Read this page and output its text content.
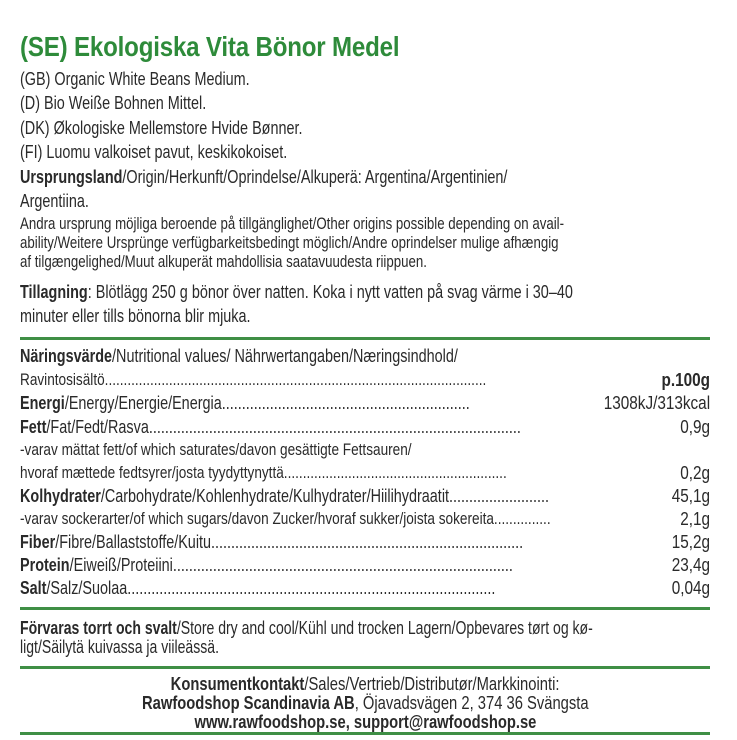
(SE) Ekologiska Vita Bönor Medel
(GB) Organic White Beans Medium.
(D) Bio Weiße Bohnen Mittel.
(DK) Økologiske Mellemstore Hvide Bønner.
(FI) Luomu valkoiset pavut, keskikokoiset.
Ursprungsland/Origin/Herkunft/Oprindelse/Alkuperä: Argentina/Argentinien/
Argentiina.
Andra ursprung möjliga beroende på tillgänglighet/Other origins possible depending on avail-
ability/Weitere Ursprünge verfügbarkeitsbedingt möglich/Andre oprindelser mulige afhængig
af tilgængelighed/Muut alkuperät mahdollisia saatavuudesta riippuen.
Tillagning: Blötlägg 250 g bönor över natten. Koka i nytt vatten på svag värme i 30–40
minuter eller tills bönorna blir mjuka.
Näringsvärde/Nutritional values/ Nährwertangaben/Næringsindhold/
Ravintosisältö.....................................................................................................	p.100g
Energi/Energy/Energie/Energia..............................................................	1308kJ/313kcal
Fett/Fat/Fedt/Rasva.............................................................................................	0,9g
-varav mättat fett/of which saturates/davon gesättigte Fettsauren/
hvoraf mættede fedtsyrer/josta tyydyttynyttä...........................................................	0,2g
Kolhydrater/Carbohydrate/Kohlenhydrate/Kulhydrater/Hiilihydraatit.........................	45,1g
-varav sockerarter/of which sugars/davon Zucker/hvoraf sukker/joista sokereita...............	2,1g
Fiber/Fibre/Ballaststoffe/Kuitu..............................................................................	15,2g
Protein/Eiweiß/Proteiini.....................................................................................	23,4g
Salt/Salz/Suolaa............................................................................................	0,04g
Förvaras torrt och svalt/Store dry and cool/Kühl und trocken Lagern/Opbevares tørt og kø-
ligt/Säilytä kuivassa ja viileässä.
Konsumentkontakt/Sales/Vertrieb/Distributør/Markkinointi:
Rawfoodshop Scandinavia AB, Öjavadsvägen 2, 374 36 Svängsta
www.rawfoodshop.se, support@rawfoodshop.se
